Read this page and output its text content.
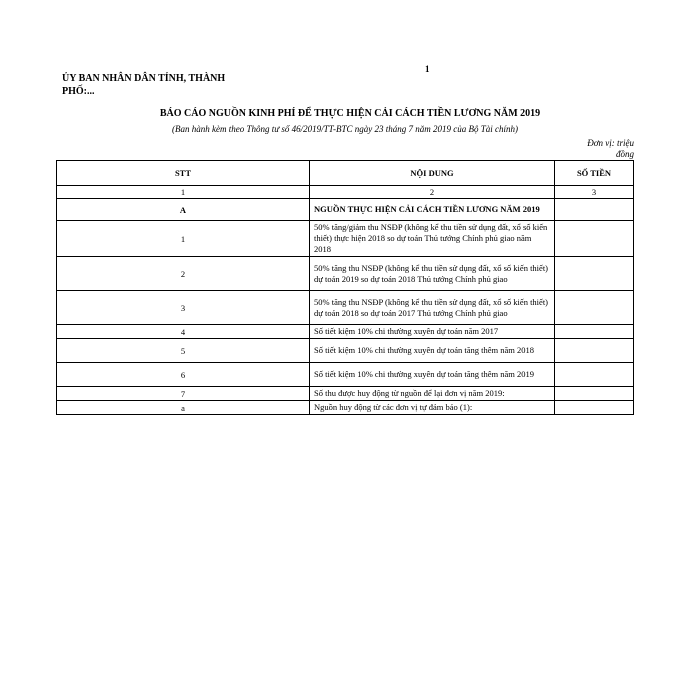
1
ỦY BAN NHÂN DÂN TỈNH, THÀNH
PHỐ:...
BÁO CÁO NGUỒN KINH PHÍ ĐỂ THỰC HIỆN CẢI CÁCH TIỀN LƯƠNG NĂM 2019
(Ban hành kèm theo Thông tư số 46/2019/TT-BTC ngày 23 tháng 7 năm 2019 của Bộ Tài chính)
Đơn vị: triệu
đồng
STT	NỘI DUNG	SỐ TIỀN
1	2	3
A	NGUỒN THỰC HIỆN CẢI CÁCH TIỀN LƯƠNG NĂM 2019	
1	50% tăng/giảm thu NSĐP (không kể thu tiền sử dụng đất, xổ số kiến thiết) thực hiện 2018 so dự toán Thủ tướng Chính phủ giao năm 2018	
2	50% tăng thu NSĐP (không kể thu tiền sử dụng đất, xổ số kiến thiết) dự toán 2019 so dự toán 2018 Thủ tướng Chính phủ giao	
3	50% tăng thu NSĐP (không kể thu tiền sử dụng đất, xổ số kiến thiết) dự toán 2018 so dự toán 2017 Thủ tướng Chính phủ giao	
4	Số tiết kiệm 10% chi thường xuyên dự toán năm 2017	
5	Số tiết kiệm 10% chi thường xuyên dự toán tăng thêm năm 2018	
6	Số tiết kiệm 10% chi thường xuyên dự toán tăng thêm năm 2019	
7	Số thu được huy động từ nguồn để lại đơn vị năm 2019:	
a	Nguồn huy động từ các đơn vị tự đảm bảo (1):	
